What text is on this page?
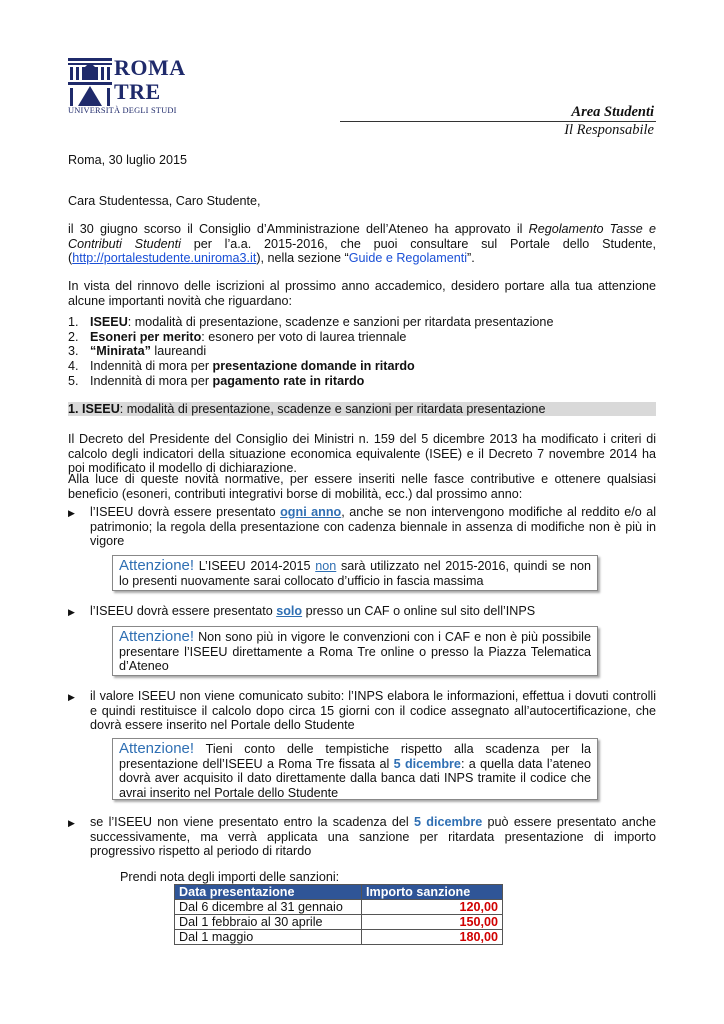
ROMA TRE
UNIVERSITÀ DEGLI STUDI	Area Studenti
Il Responsabile
Roma, 30 luglio 2015
Cara Studentessa, Caro Studente,
il 30 giugno scorso il Consiglio d’Amministrazione dell’Ateneo ha approvato il Regolamento Tasse e Contributi Studenti per l’a.a. 2015-2016, che puoi consultare sul Portale dello Studente, (http://portalestudente.uniroma3.it), nella sezione “Guide e Regolamenti”.
In vista del rinnovo delle iscrizioni al prossimo anno accademico, desidero portare alla tua attenzione alcune importanti novità che riguardano:
1. ISEEU: modalità di presentazione, scadenze e sanzioni per ritardata presentazione
2. Esoneri per merito: esonero per voto di laurea triennale
3. “Minirata” laureandi
4. Indennità di mora per presentazione domande in ritardo
5. Indennità di mora per pagamento rate in ritardo
1. ISEEU: modalità di presentazione, scadenze e sanzioni per ritardata presentazione
Il Decreto del Presidente del Consiglio dei Ministri n. 159 del 5 dicembre 2013 ha modificato i criteri di calcolo degli indicatori della situazione economica equivalente (ISEE) e il Decreto 7 novembre 2014 ha poi modificato il modello di dichiarazione.
Alla luce di queste novità normative, per essere inseriti nelle fasce contributive e ottenere qualsiasi beneficio (esoneri, contributi integrativi borse di mobilità, ecc.) dal prossimo anno:
▶	l’ISEEU dovrà essere presentato ogni anno, anche se non intervengono modifiche al reddito e/o al patrimonio; la regola della presentazione con cadenza biennale in assenza di modifiche non è più in vigore
Attenzione! L’ISEEU 2014-2015 non sarà utilizzato nel 2015-2016, quindi se non lo presenti nuovamente sarai collocato d’ufficio in fascia massima
▶	l’ISEEU dovrà essere presentato solo presso un CAF o online sul sito dell’INPS
Attenzione! Non sono più in vigore le convenzioni con i CAF e non è più possibile presentare l’ISEEU direttamente a Roma Tre online o presso la Piazza Telematica d’Ateneo
▶	il valore ISEEU non viene comunicato subito: l’INPS elabora le informazioni, effettua i dovuti controlli e quindi restituisce il calcolo dopo circa 15 giorni con il codice assegnato all’autocertificazione, che dovrà essere inserito nel Portale dello Studente
Attenzione! Tieni conto delle tempistiche rispetto alla scadenza per la presentazione dell’ISEEU a Roma Tre fissata al 5 dicembre: a quella data l’ateneo dovrà aver acquisito il dato direttamente dalla banca dati INPS tramite il codice che avrai inserito nel Portale dello Studente
▶	se l’ISEEU non viene presentato entro la scadenza del 5 dicembre può essere presentato anche successivamente, ma verrà applicata una sanzione per ritardata presentazione di importo progressivo rispetto al periodo di ritardo
Prendi nota degli importi delle sanzioni:
Data presentazione	Importo sanzione
Dal 6 dicembre al 31 gennaio	120,00
Dal 1 febbraio al 30 aprile	150,00
Dal 1 maggio	180,00
